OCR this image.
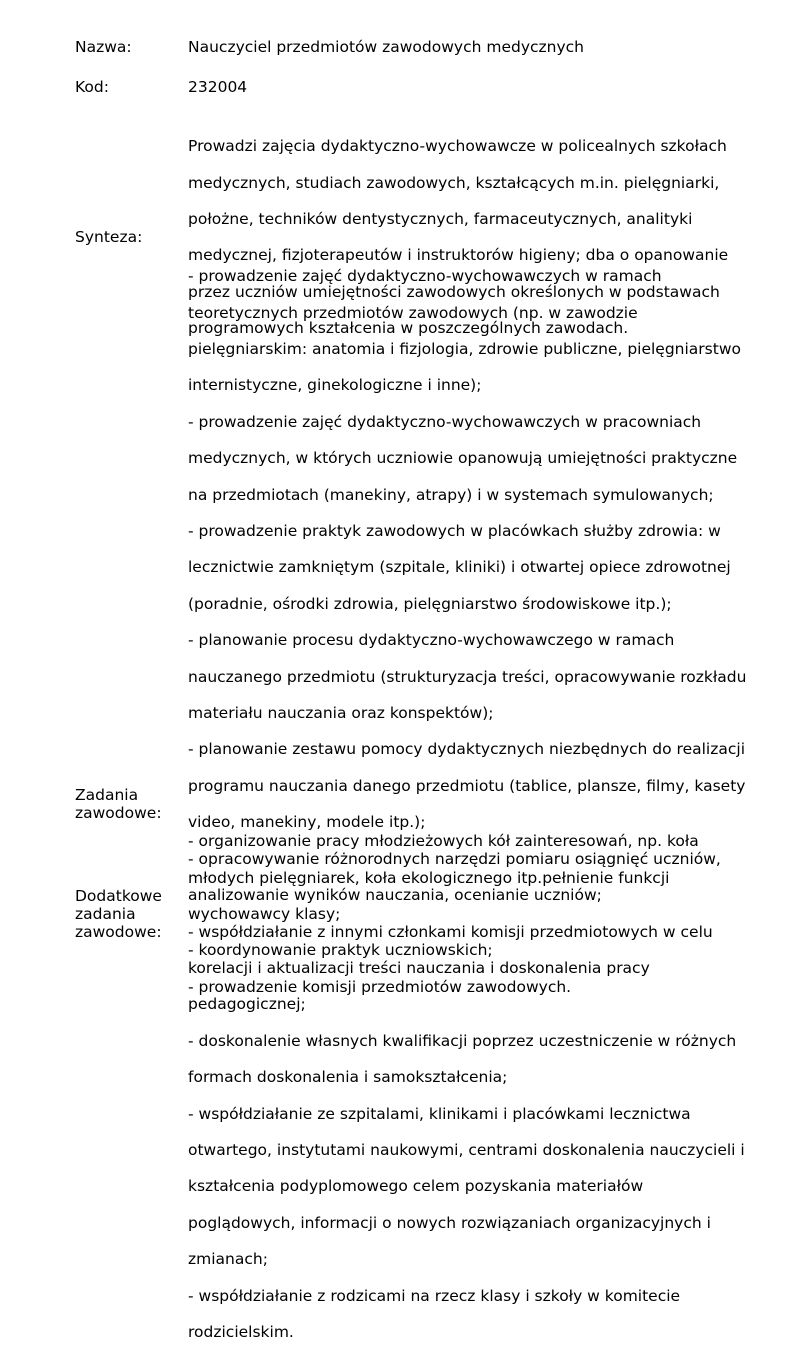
Nazwa:	Nauczyciel przedmiotów zawodowych medycznych
Kod:	232004
Synteza:

Prowadzi zajęcia dydaktyczno-wychowawcze w policealnych szkołach

medycznych, studiach zawodowych, kształcących m.in. pielęgniarki,

położne, techników dentystycznych, farmaceutycznych, analityki

medycznej, fizjoterapeutów i instruktorów higieny; dba o opanowanie

przez uczniów umiejętności zawodowych określonych w podstawach

programowych kształcenia w poszczególnych zawodach.

Zadania
zawodowe:

- prowadzenie zajęć dydaktyczno-wychowawczych w ramach

teoretycznych przedmiotów zawodowych (np. w zawodzie

pielęgniarskim: anatomia i fizjologia, zdrowie publiczne, pielęgniarstwo

internistyczne, ginekologiczne i inne);

- prowadzenie zajęć dydaktyczno-wychowawczych w pracowniach

medycznych, w których uczniowie opanowują umiejętności praktyczne

na przedmiotach (manekiny, atrapy) i w systemach symulowanych;

- prowadzenie praktyk zawodowych w placówkach służby zdrowia: w

lecznictwie zamkniętym (szpitale, kliniki) i otwartej opiece zdrowotnej

(poradnie, ośrodki zdrowia, pielęgniarstwo środowiskowe itp.);

- planowanie procesu dydaktyczno-wychowawczego w ramach

nauczanego przedmiotu (strukturyzacja treści, opracowywanie rozkładu

materiału nauczania oraz konspektów);

- planowanie zestawu pomocy dydaktycznych niezbędnych do realizacji

programu nauczania danego przedmiotu (tablice, plansze, filmy, kasety

video, manekiny, modele itp.);

- opracowywanie różnorodnych narzędzi pomiaru osiągnięć uczniów,

analizowanie wyników nauczania, ocenianie uczniów;

- współdziałanie z innymi członkami komisji przedmiotowych w celu

korelacji i aktualizacji treści nauczania i doskonalenia pracy

pedagogicznej;

- doskonalenie własnych kwalifikacji poprzez uczestniczenie w różnych

formach doskonalenia i samokształcenia;

- współdziałanie ze szpitalami, klinikami i placówkami lecznictwa

otwartego, instytutami naukowymi, centrami doskonalenia nauczycieli i

kształcenia podyplomowego celem pozyskania materiałów

poglądowych, informacji o nowych rozwiązaniach organizacyjnych i

zmianach;

- współdziałanie z rodzicami na rzecz klasy i szkoły w komitecie

rodzicielskim.

Dodatkowe
zadania
zawodowe:

- organizowanie pracy młodzieżowych kół zainteresowań, np. koła

młodych pielęgniarek, koła ekologicznego itp.pełnienie funkcji

wychowawcy klasy;

- koordynowanie praktyk uczniowskich;

- prowadzenie komisji przedmiotów zawodowych.
